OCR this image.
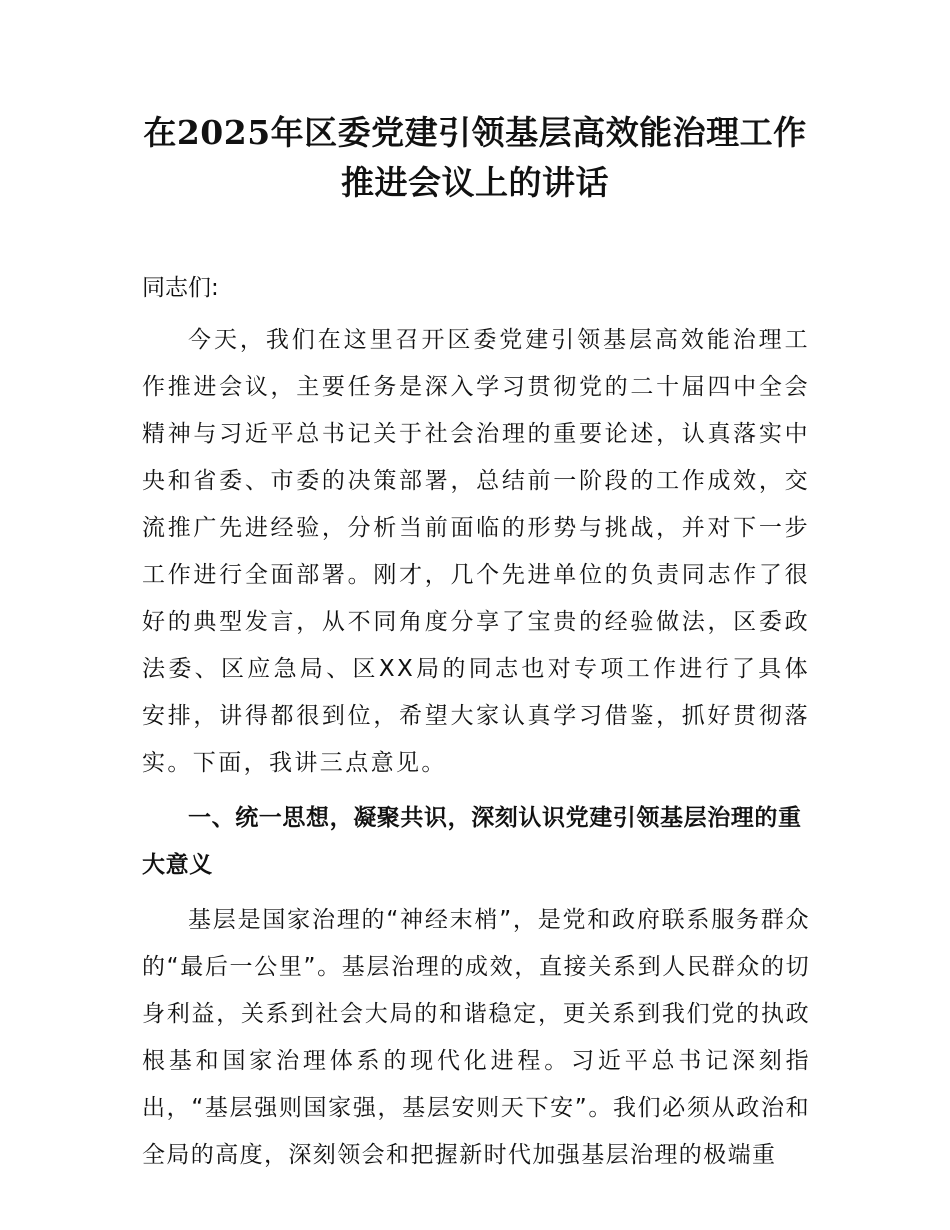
在2025年区委党建引领基层高效能治理工作
推进会议上的讲话

同志们:

今天，我们在这里召开区委党建引领基层高效能治理工作推进会议，主要任务是深入学习贯彻党的二十届四中全会精神与习近平总书记关于社会治理的重要论述，认真落实中央和省委、市委的决策部署，总结前一阶段的工作成效，交流推广先进经验，分析当前面临的形势与挑战，并对下一步工作进行全面部署。刚才，几个先进单位的负责同志作了很好的典型发言，从不同角度分享了宝贵的经验做法，区委政法委、区应急局、区XX局的同志也对专项工作进行了具体安排，讲得都很到位，希望大家认真学习借鉴，抓好贯彻落实。下面，我讲三点意见。

一、统一思想，凝聚共识，深刻认识党建引领基层治理的重大意义

基层是国家治理的“神经末梢”，是党和政府联系服务群众的“最后一公里”。基层治理的成效，直接关系到人民群众的切身利益，关系到社会大局的和谐稳定，更关系到我们党的执政根基和国家治理体系的现代化进程。习近平总书记深刻指出，“基层强则国家强，基层安则天下安”。我们必须从政治和全局的高度，深刻领会和把握新时代加强基层治理的极端重
